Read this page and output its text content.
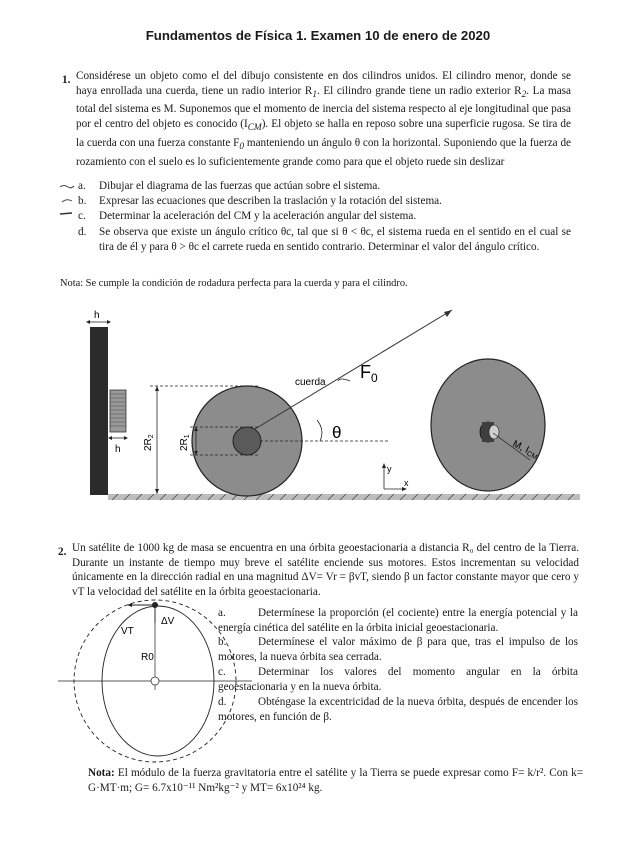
Fundamentos de Física 1. Examen 10 de enero de 2020
1. Considérese un objeto como el del dibujo consistente en dos cilindros unidos. El cilindro menor, donde se haya enrollada una cuerda, tiene un radio interior $R_1$. El cilindro grande tiene un radio exterior $R_2$. La masa total del sistema es M. Suponemos que el momento de inercia del sistema respecto al eje longitudinal que pasa por el centro del objeto es conocido $(I_{CM})$. El objeto se halla en reposo sobre una superficie rugosa. Se tira de la cuerda con una fuerza constante $F_0$ manteniendo un ángulo θ con la horizontal. Suponiendo que la fuerza de rozamiento con el suelo es lo suficientemente grande como para que el objeto ruede sin deslizar
a. Dibujar el diagrama de las fuerzas que actúan sobre el sistema.
b. Expresar las ecuaciones que describen la traslación y la rotación del sistema.
c. Determinar la aceleración del CM y la aceleración angular del sistema.
d. Se observa que existe un ángulo crítico θc, tal que si θ < θc, el sistema rueda en el sentido en el cual se tira de él y para θ > θc el carrete rueda en sentido contrario. Determinar el valor del ángulo crítico.
Nota: Se cumple la condición de rodadura perfecta para la cuerda y para el cilindro.
h
h $2R_2$
$2R_1$
$F_0$
cuerda
θ
y
x
M, $I_{CM}$
2. Un satélite de 1000 kg de masa se encuentra en una órbita geoestacionaria a distancia R₀ del centro de la Tierra. Durante un instante de tiempo muy breve el satélite enciende sus motores. Estos incrementan su velocidad únicamente en la dirección radial en una magnitud ΔV= Vr = βvT, siendo β un factor constante mayor que cero y vT la velocidad del satélite en la órbita geoestacionaria.
ΔV
VT
R0
a.	Determínese la proporción (el cociente) entre la energía potencial y la energía cinética del satélite en la órbita inicial geoestacionaria.
b.	Determínese el valor máximo de β para que, tras el impulso de los motores, la nueva órbita sea cerrada.
c.	Determinar los valores del momento angular en la órbita geoestacionaria y en la nueva órbita.
d.	Obténgase la excentricidad de la nueva órbita, después de encender los motores, en función de β.
Nota: El módulo de la fuerza gravitatoria entre el satélite y la Tierra se puede expresar como F= k/r². Con k= G·MT·m; G= 6.7x10⁻¹¹ Nm²kg⁻² y MT= 6x10²⁴ kg.
